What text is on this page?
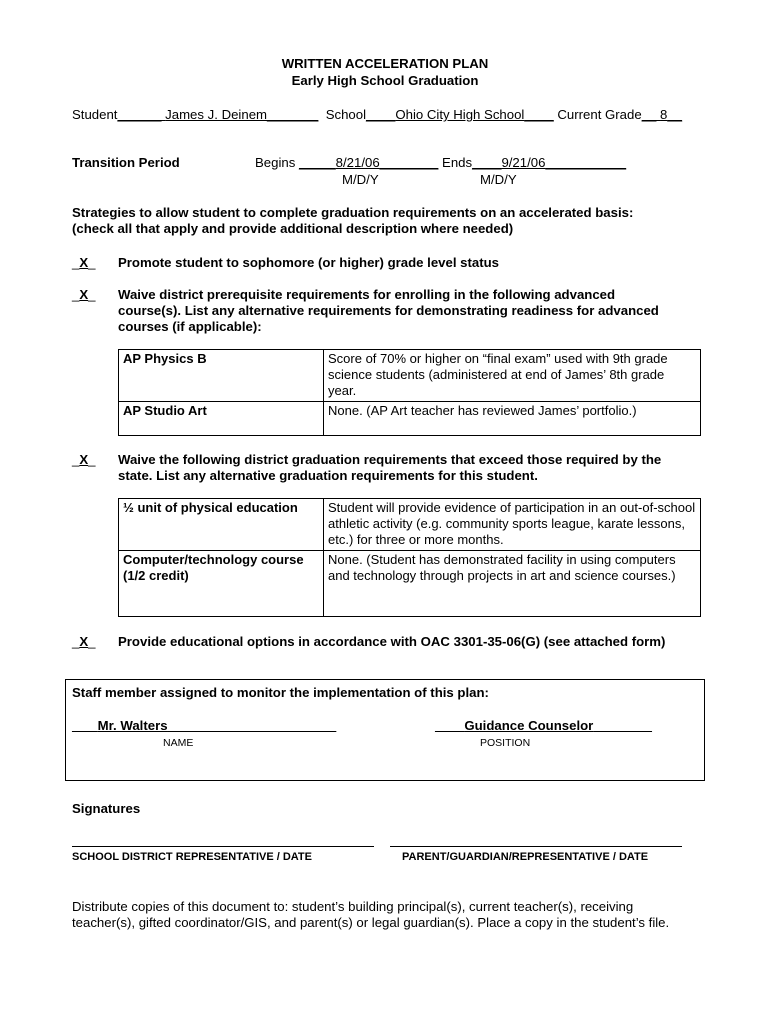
WRITTEN ACCELERATION PLAN
Early High School Graduation
Student______ James J. Deinem_______ School____Ohio City High School____ Current Grade__ 8__
Transition Period	Begins _____8/21/06________ Ends____9/21/06___________
M/D/Y	M/D/Y
Strategies to allow student to complete graduation requirements on an accelerated basis:
(check all that apply and provide additional description where needed)
_X_ Promote student to sophomore (or higher) grade level status
_X_ Waive district prerequisite requirements for enrolling in the following advanced
course(s). List any alternative requirements for demonstrating readiness for advanced
courses (if applicable):
AP Physics B	Score of 70% or higher on “final exam” used with 9th grade science students (administered at end of James’ 8th grade year.
AP Studio Art	None. (AP Art teacher has reviewed James’ portfolio.)
_X_ Waive the following district graduation requirements that exceed those required by the
state. List any alternative graduation requirements for this student.
½ unit of physical education	Student will provide evidence of participation in an out-of-school athletic activity (e.g. community sports league, karate lessons, etc.) for three or more months.
Computer/technology course (1/2 credit)	None. (Student has demonstrated facility in using computers and technology through projects in art and science courses.)
_X_ Provide educational options in accordance with OAC 3301-35-06(G) (see attached form)
Staff member assigned to monitor the implementation of this plan:
___ Mr. Walters_______________________
NAME
____Guidance Counselor________
POSITION
Signatures
SCHOOL DISTRICT REPRESENTATIVE / DATE	PARENT/GUARDIAN/REPRESENTATIVE / DATE
Distribute copies of this document to: student’s building principal(s), current teacher(s), receiving teacher(s), gifted coordinator/GIS, and parent(s) or legal guardian(s). Place a copy in the student’s file.
